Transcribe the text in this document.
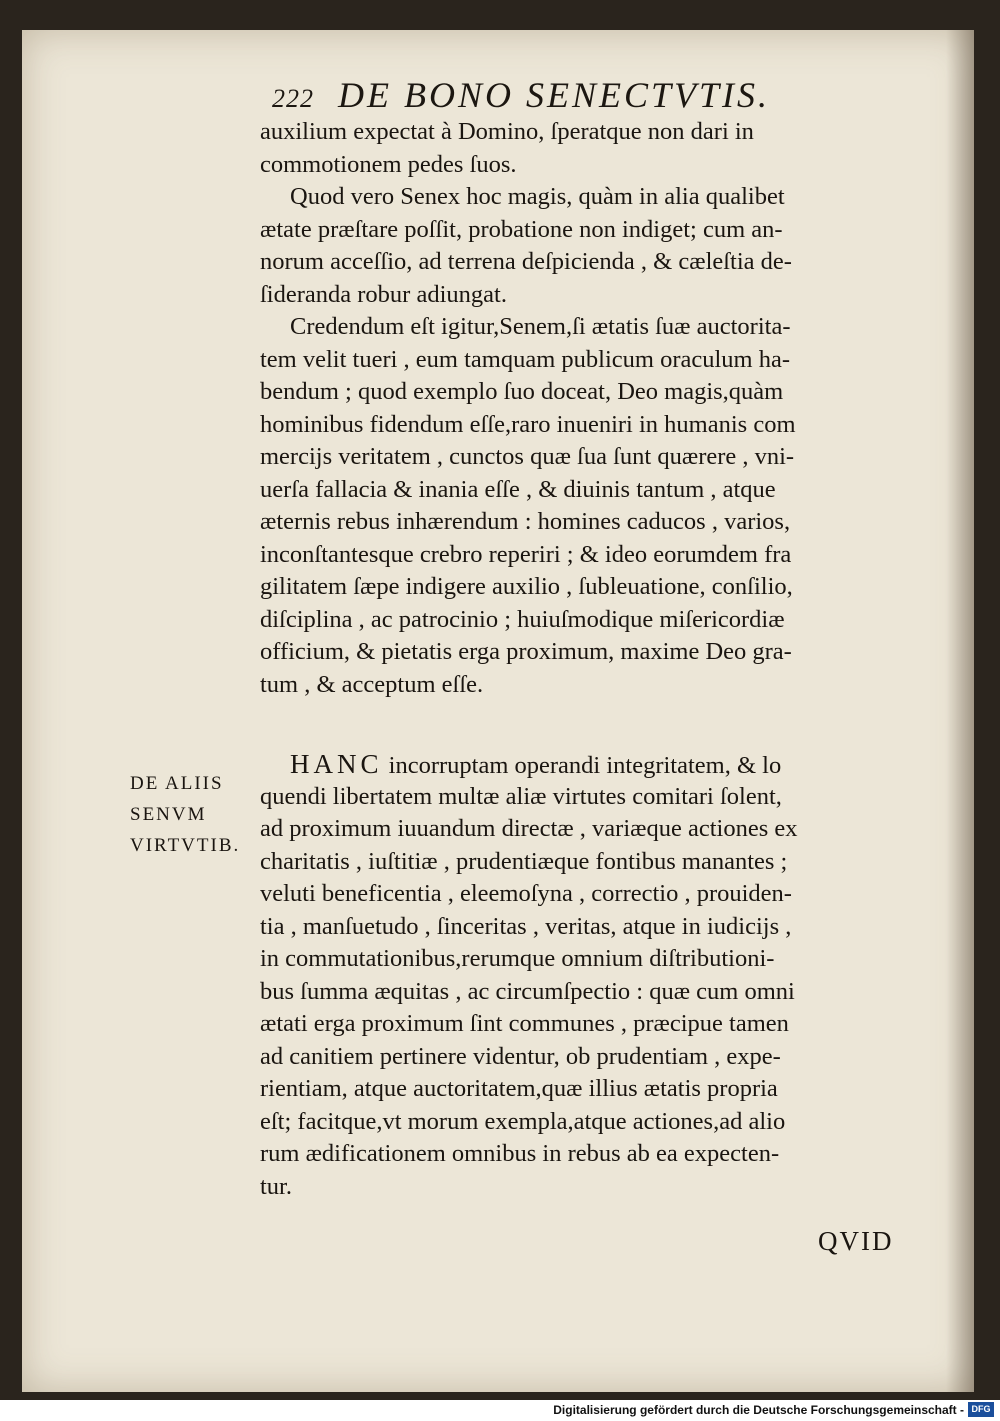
222 DE BONO SENECTVTIS.
auxilium expectat à Domino, ſperatque non dari in
commotionem pedes ſuos.
Quod vero Senex hoc magis, quàm in alia qualibet
ætate præſtare poſſit, probatione non indiget; cum an-
norum acceſſio, ad terrena deſpicienda , & cæleſtia de-
ſideranda robur adiungat.
Credendum eſt igitur,Senem,ſi ætatis ſuæ auctorita-
tem velit tueri , eum tamquam publicum oraculum ha-
bendum ; quod exemplo ſuo doceat, Deo magis,quàm
hominibus fidendum eſſe,raro inueniri in humanis com
mercijs veritatem , cunctos quæ ſua ſunt quærere , vni-
uerſa fallacia & inania eſſe , & diuinis tantum , atque
æternis rebus inhærendum : homines caducos , varios,
inconſtantesque crebro reperiri ; & ideo eorumdem fra
gilitatem ſæpe indigere auxilio , ſubleuatione, conſilio,
diſciplina , ac patrocinio ; huiuſmodique miſericordiæ
officium, & pietatis erga proximum, maxime Deo gra-
tum , & acceptum eſſe.
DE ALIIS
SENVM
VIRTVTIB.
HANC incorruptam operandi integritatem, & lo
quendi libertatem multæ aliæ virtutes comitari ſolent,
ad proximum iuuandum directæ , variæque actiones ex
charitatis , iuſtitiæ , prudentiæque fontibus manantes ;
veluti beneficentia , eleemoſyna , correctio , prouiden-
tia , manſuetudo , ſinceritas , veritas, atque in iudicijs ,
in commutationibus,rerumque omnium diſtributioni-
bus ſumma æquitas , ac circumſpectio : quæ cum omni
ætati erga proximum ſint communes , præcipue tamen
ad canitiem pertinere videntur, ob prudentiam , expe-
rientiam, atque auctoritatem,quæ illius ætatis propria
eſt; facitque,vt morum exempla,atque actiones,ad alio
rum ædificationem omnibus in rebus ab ea expecten-
tur.
QVID
Digitalisierung gefördert durch die Deutsche Forschungsgemeinschaft - DFG
